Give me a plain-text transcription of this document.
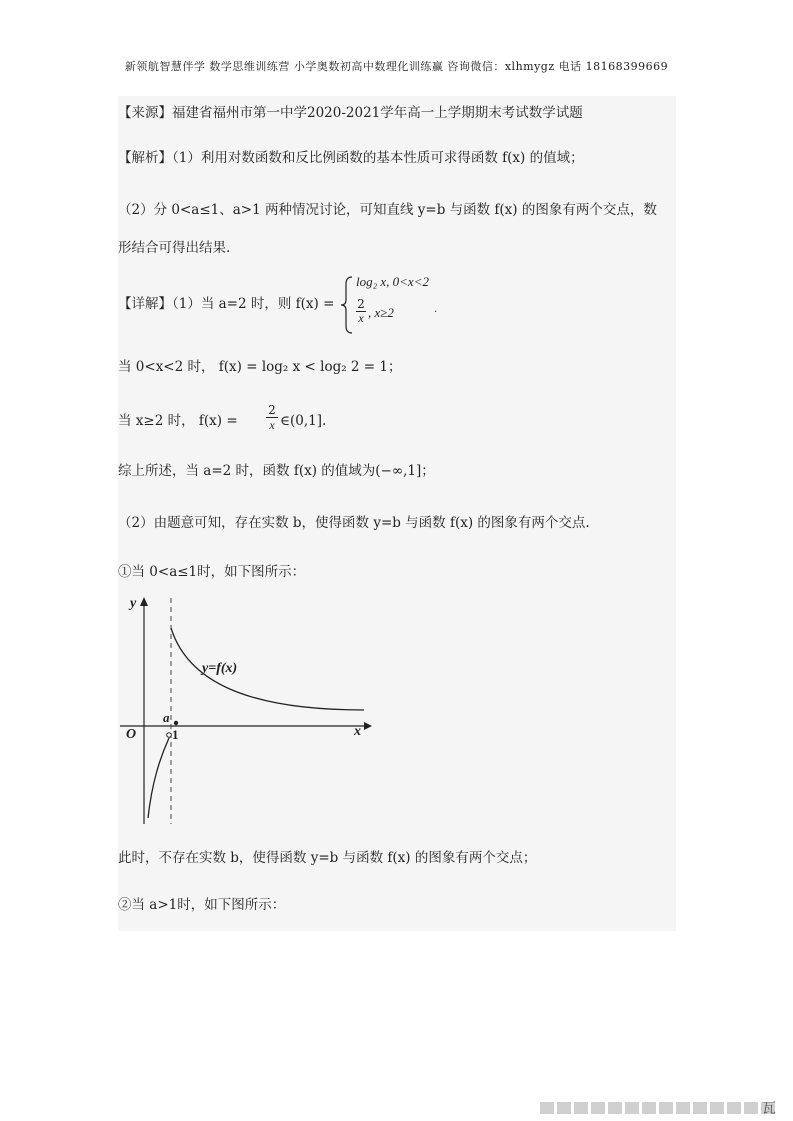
新领航智慧伴学 数学思维训练营 小学奥数初高中数理化训练赢 咨询微信：xlhmygz 电话 18168399669
【来源】福建省福州市第一中学2020-2021学年高一上学期期末考试数学试题
【解析】（1）利用对数函数和反比例函数的基本性质可求得函数 f(x) 的值域；
（2）分 0<a≤1、a>1 两种情况讨论，可知直线 y=b 与函数 f(x) 的图象有两个交点，数
形结合可得出结果.
【详解】（1）当 a=2 时，则 f(x) =
log₂ x, 0<x<2
2
x , x≥2	.
当 0<x<2 时， f(x) = log₂ x < log₂ 2 = 1；
当 x≥2 时， f(x) =
2
x ∈(0,1].
综上所述，当 a=2 时，函数 f(x) 的值域为(−∞,1]；
（2）由题意可知，存在实数 b，使得函数 y=b 与函数 f(x) 的图象有两个交点.
①当 0<a≤1时，如下图所示：
y
x
O
a
1
y=f(x)
此时，不存在实数 b，使得函数 y=b 与函数 f(x) 的图象有两个交点；
②当 a>1时，如下图所示：
瓦
